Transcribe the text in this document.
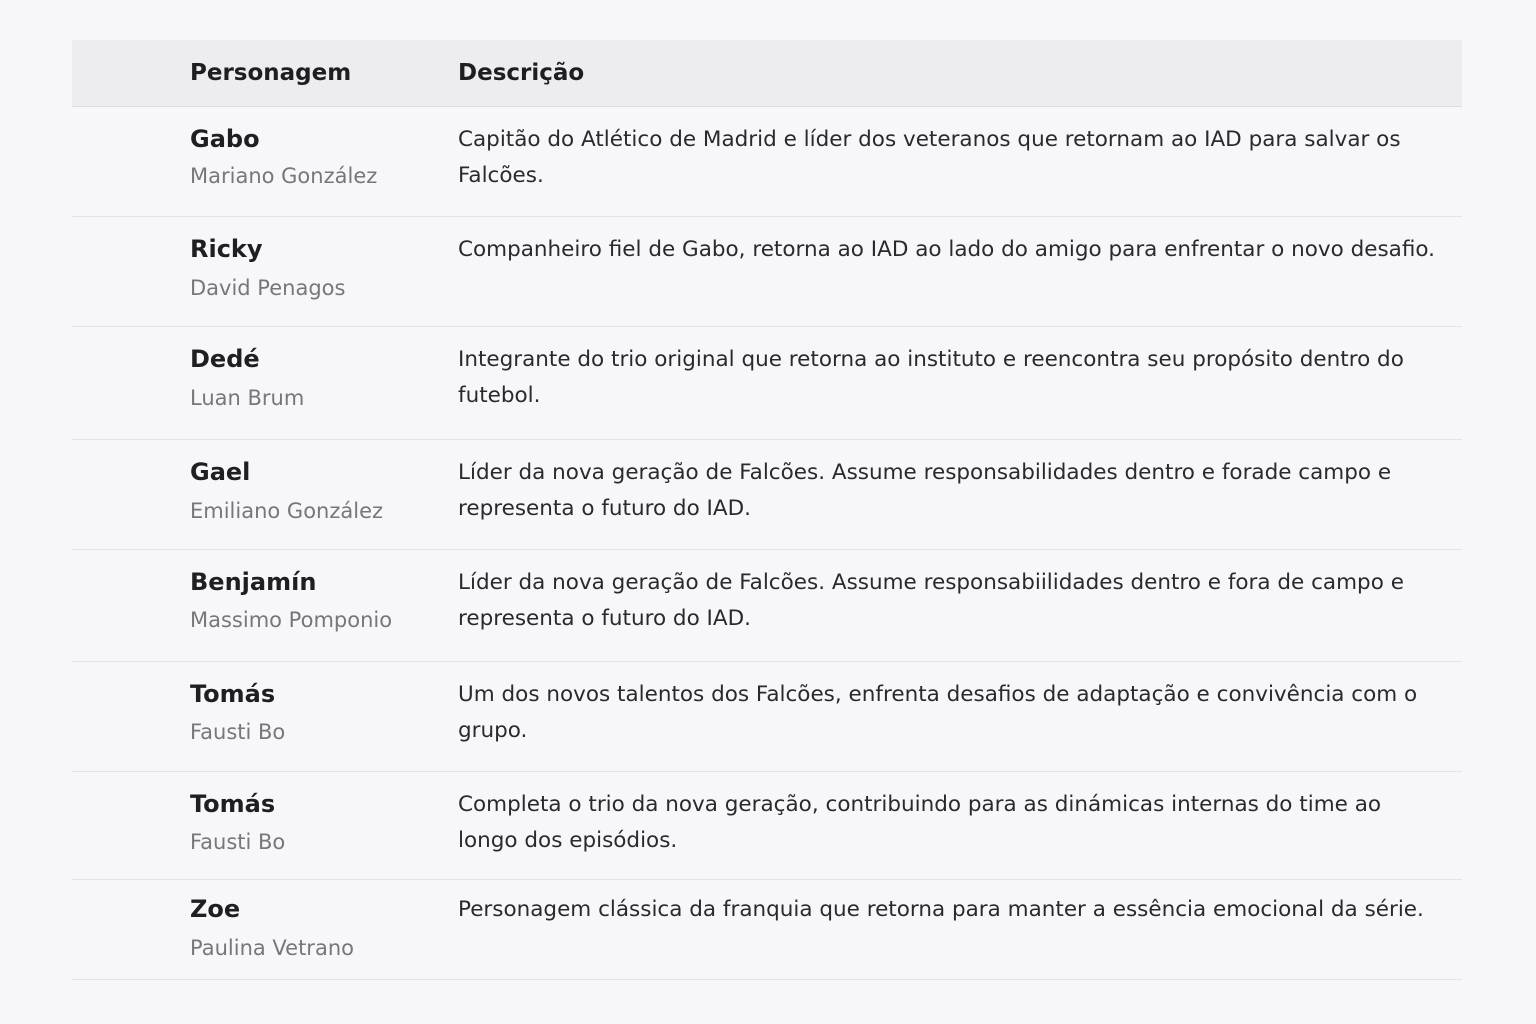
Personagem	Descrição
Gabo
Mariano González
Capitão do Atlético de Madrid e líder dos veteranos que retornam ao IAD para salvar os Falcões.
Ricky
David Penagos
Companheiro fiel de Gabo, retorna ao IAD ao lado do amigo para enfrentar o novo desafio.
Dedé
Luan Brum
Integrante do trio original que retorna ao instituto e reencontra seu propósito dentro do futebol.
Gael
Emiliano González
Líder da nova geração de Falcões. Assume responsabilidades dentro e forade campo e representa o futuro do IAD.
Benjamín
Massimo Pomponio
Líder da nova geração de Falcões. Assume responsabiilidades dentro e fora de campo e representa o futuro do IAD.
Tomás
Fausti Bo
Um dos novos talentos dos Falcões, enfrenta desafios de adaptação e convivência com o grupo.
Tomás
Fausti Bo
Completa o trio da nova geração, contribuindo para as dinámicas internas do time ao longo dos episódios.
Zoe
Paulina Vetrano
Personagem clássica da franquia que retorna para manter a essência emocional da série.
